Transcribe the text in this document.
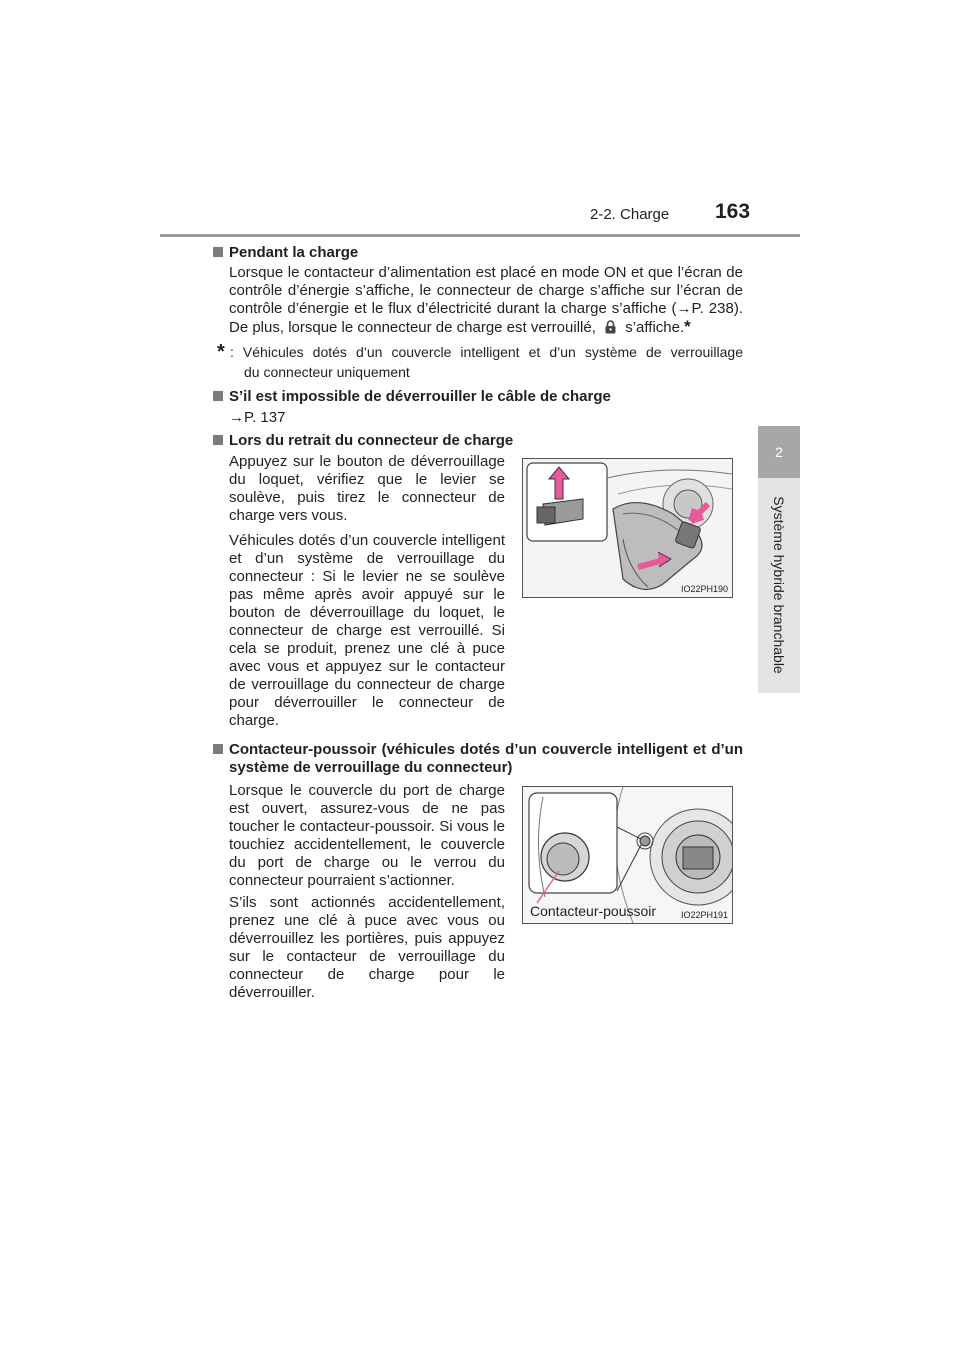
2-2. Charge 163
2
Système hybride branchable
Pendant la charge
Lorsque le contacteur d’alimentation est placé en mode ON et que l’écran de
contrôle d’énergie s’affiche, le connecteur de charge s’affiche sur l’écran de
contrôle d’énergie et le flux d’électricité durant la charge s’affiche (→P. 238).
De plus, lorsque le connecteur de charge est verrouillé, s’affiche.*
* : Véhicules dotés d’un couvercle intelligent et d’un système de verrouillage
du connecteur uniquement
S’il est impossible de déverrouiller le câble de charge
→P. 137
Lors du retrait du connecteur de charge
Appuyez sur le bouton de déverrouillage du loquet, vérifiez que le levier se soulève, puis tirez le connecteur de charge vers vous.
Véhicules dotés d’un couvercle intelligent et d’un système de verrouillage du connecteur : Si le levier ne se soulève pas même après avoir appuyé sur le bouton de déverrouillage du loquet, le connecteur de charge est verrouillé. Si cela se produit, prenez une clé à puce avec vous et appuyez sur le contacteur de verrouillage du connecteur de charge pour déverrouiller le connecteur de charge.
IO22PH190
Contacteur-poussoir (véhicules dotés d’un couvercle intelligent et d’un
système de verrouillage du connecteur)
Lorsque le couvercle du port de charge est ouvert, assurez-vous de ne pas toucher le contacteur-poussoir. Si vous le touchiez accidentellement, le couvercle du port de charge ou le verrou du connecteur pourraient s’actionner.
S’ils sont actionnés accidentellement, prenez une clé à puce avec vous ou déverrouillez les portières, puis appuyez sur le contacteur de verrouillage du connecteur de charge pour le déverrouiller.
Contacteur-poussoir	IO22PH191
